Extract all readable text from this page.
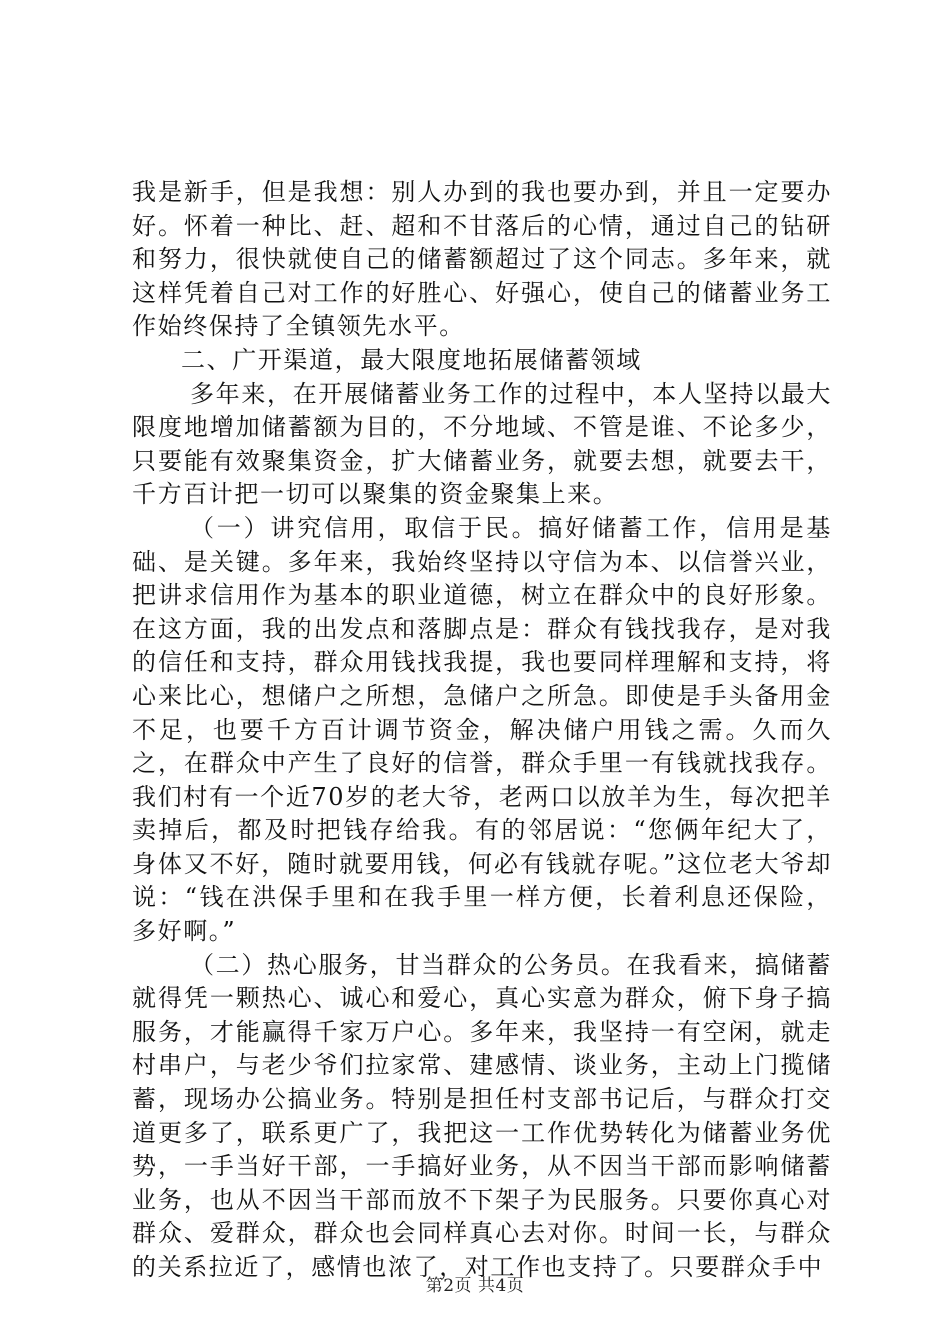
我是新手，但是我想：别人办到的我也要办到，并且一定要办好。怀着一种比、赶、超和不甘落后的心情，通过自己的钻研和努力，很快就使自己的储蓄额超过了这个同志。多年来，就这样凭着自己对工作的好胜心、好强心，使自己的储蓄业务工作始终保持了全镇领先水平。

二、广开渠道，最大限度地拓展储蓄领域

多年来，在开展储蓄业务工作的过程中，本人坚持以最大限度地增加储蓄额为目的，不分地域、不管是谁、不论多少，只要能有效聚集资金，扩大储蓄业务，就要去想，就要去干，千方百计把一切可以聚集的资金聚集上来。

（一）讲究信用，取信于民。搞好储蓄工作，信用是基础、是关键。多年来，我始终坚持以守信为本、以信誉兴业，把讲求信用作为基本的职业道德，树立在群众中的良好形象。在这方面，我的出发点和落脚点是：群众有钱找我存，是对我的信任和支持，群众用钱找我提，我也要同样理解和支持，将心来比心，想储户之所想，急储户之所急。即使是手头备用金不足，也要千方百计调节资金，解决储户用钱之需。久而久之，在群众中产生了良好的信誉，群众手里一有钱就找我存。我们村有一个近70岁的老大爷，老两口以放羊为生，每次把羊卖掉后，都及时把钱存给我。有的邻居说：“您俩年纪大了，身体又不好，随时就要用钱，何必有钱就存呢。”这位老大爷却说：“钱在洪保手里和在我手里一样方便，长着利息还保险，多好啊。”

（二）热心服务，甘当群众的公务员。在我看来，搞储蓄就得凭一颗热心、诚心和爱心，真心实意为群众，俯下身子搞服务，才能赢得千家万户心。多年来，我坚持一有空闲，就走村串户，与老少爷们拉家常、建感情、谈业务，主动上门揽储蓄，现场办公搞业务。特别是担任村支部书记后，与群众打交道更多了，联系更广了，我把这一工作优势转化为储蓄业务优势，一手当好干部，一手搞好业务，从不因当干部而影响储蓄业务，也从不因当干部而放不下架子为民服务。只要你真心对群众、爱群众，群众也会同样真心去对你。时间一长，与群众的关系拉近了，感情也浓了，对工作也支持了。只要群众手中

第2页 共4页
